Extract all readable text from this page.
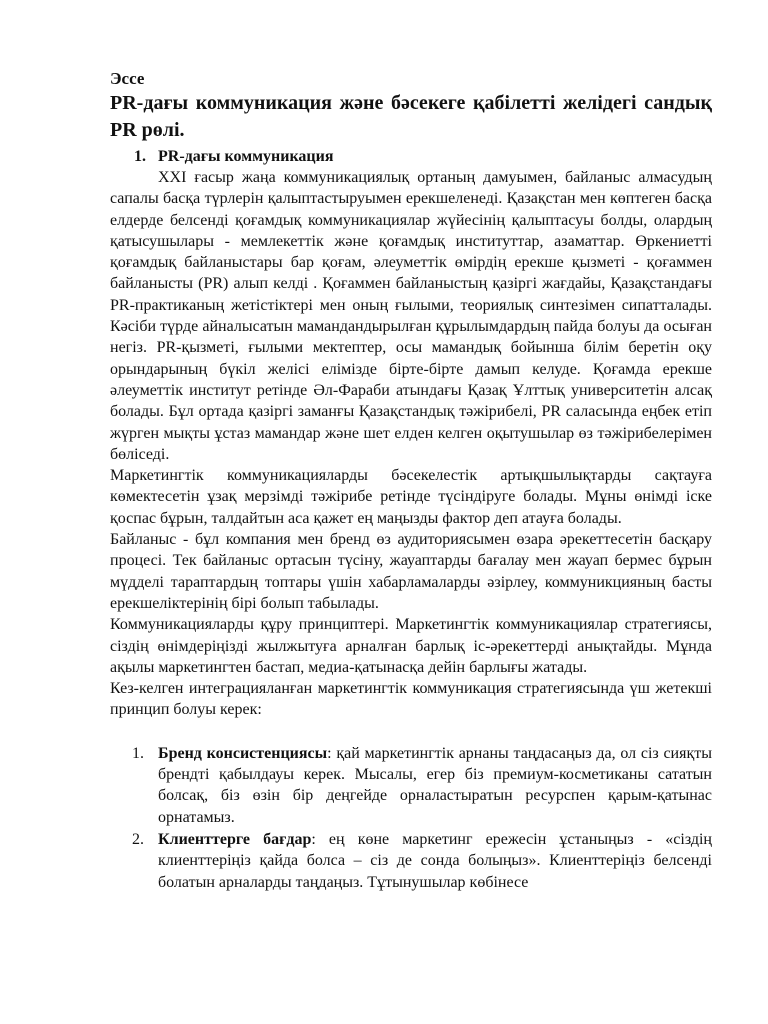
Эссе
PR-дағы коммуникация және бәсекеге қабілетті желідегі сандық PR рөлі.
1. PR-дағы коммуникация

XXI ғасыр жаңа коммуникациялық ортаның дамуымен, байланыс алмасудың сапалы басқа түрлерін қалыптастыруымен ерекшеленеді. Қазақстан мен көптеген басқа елдерде белсенді қоғамдық коммуникациялар жүйесінің қалыптасуы болды, олардың қатысушылары - мемлекеттік және қоғамдық институттар, азаматтар. Өркениетті қоғамдық байланыстары бар қоғам, әлеуметтік өмірдің ерекше қызметі - қоғаммен байланысты (PR) алып келді . Қоғаммен байланыстың қазіргі жағдайы, Қазақстандағы PR-практиканың жетістіктері мен оның ғылыми, теориялық синтезімен сипатталады. Кәсіби түрде айналысатын мамандандырылған құрылымдардың пайда болуы да осыған негіз. PR-қызметі, ғылыми мектептер, осы мамандық бойынша білім беретін оқу орындарының бүкіл желісі елімізде бірте-бірте дамып келуде. Қоғамда ерекше әлеуметтік институт ретінде Әл-Фараби атындағы Қазақ Ұлттық университетін алсақ болады. Бұл ортада қазіргі заманғы Қазақстандық тәжірибелі, PR саласында еңбек етіп жүрген мықты ұстаз мамандар және шет елден келген оқытушылар өз тәжірибелерімен бөліседі.

Маркетингтік коммуникацияларды бәсекелестік артықшылықтарды сақтауға көмектесетін ұзақ мерзімді тәжірибе ретінде түсіндіруге болады. Мұны өнімді іске қоспас бұрын, талдайтын аса қажет ең маңызды фактор деп атауға болады.

Байланыс - бұл компания мен бренд өз аудиториясымен өзара әрекеттесетін басқару процесі. Тек байланыс ортасын түсіну, жауаптарды бағалау мен жауап бермес бұрын мүдделі тараптардың топтары үшін хабарламаларды әзірлеу, коммуникцияның басты ерекшеліктерінің бірі болып табылады.

Коммуникацияларды құру принциптері. Маркетингтік коммуникациялар стратегиясы, сіздің өнімдеріңізді жылжытуға арналған барлық іс-әрекеттерді анықтайды. Мұнда ақылы маркетингтен бастап, медиа-қатынасқа дейін барлығы жатады.

Кез-келген интеграцияланған маркетингтік коммуникация стратегиясында үш жетекші принцип болуы керек:

1. Бренд консистенциясы: қай маркетингтік арнаны таңдасаңыз да, ол сіз сияқты брендті қабылдауы керек. Мысалы, егер біз премиум-косметиканы сататын болсақ, біз өзін бір деңгейде орналастыратын ресурспен қарым-қатынас орнатамыз.
2. Клиенттерге бағдар: ең көне маркетинг ережесін ұстаныңыз - «сіздің клиенттеріңіз қайда болса – сіз де сонда болыңыз». Клиенттеріңіз белсенді болатын арналарды таңдаңыз. Тұтынушылар көбінесе
